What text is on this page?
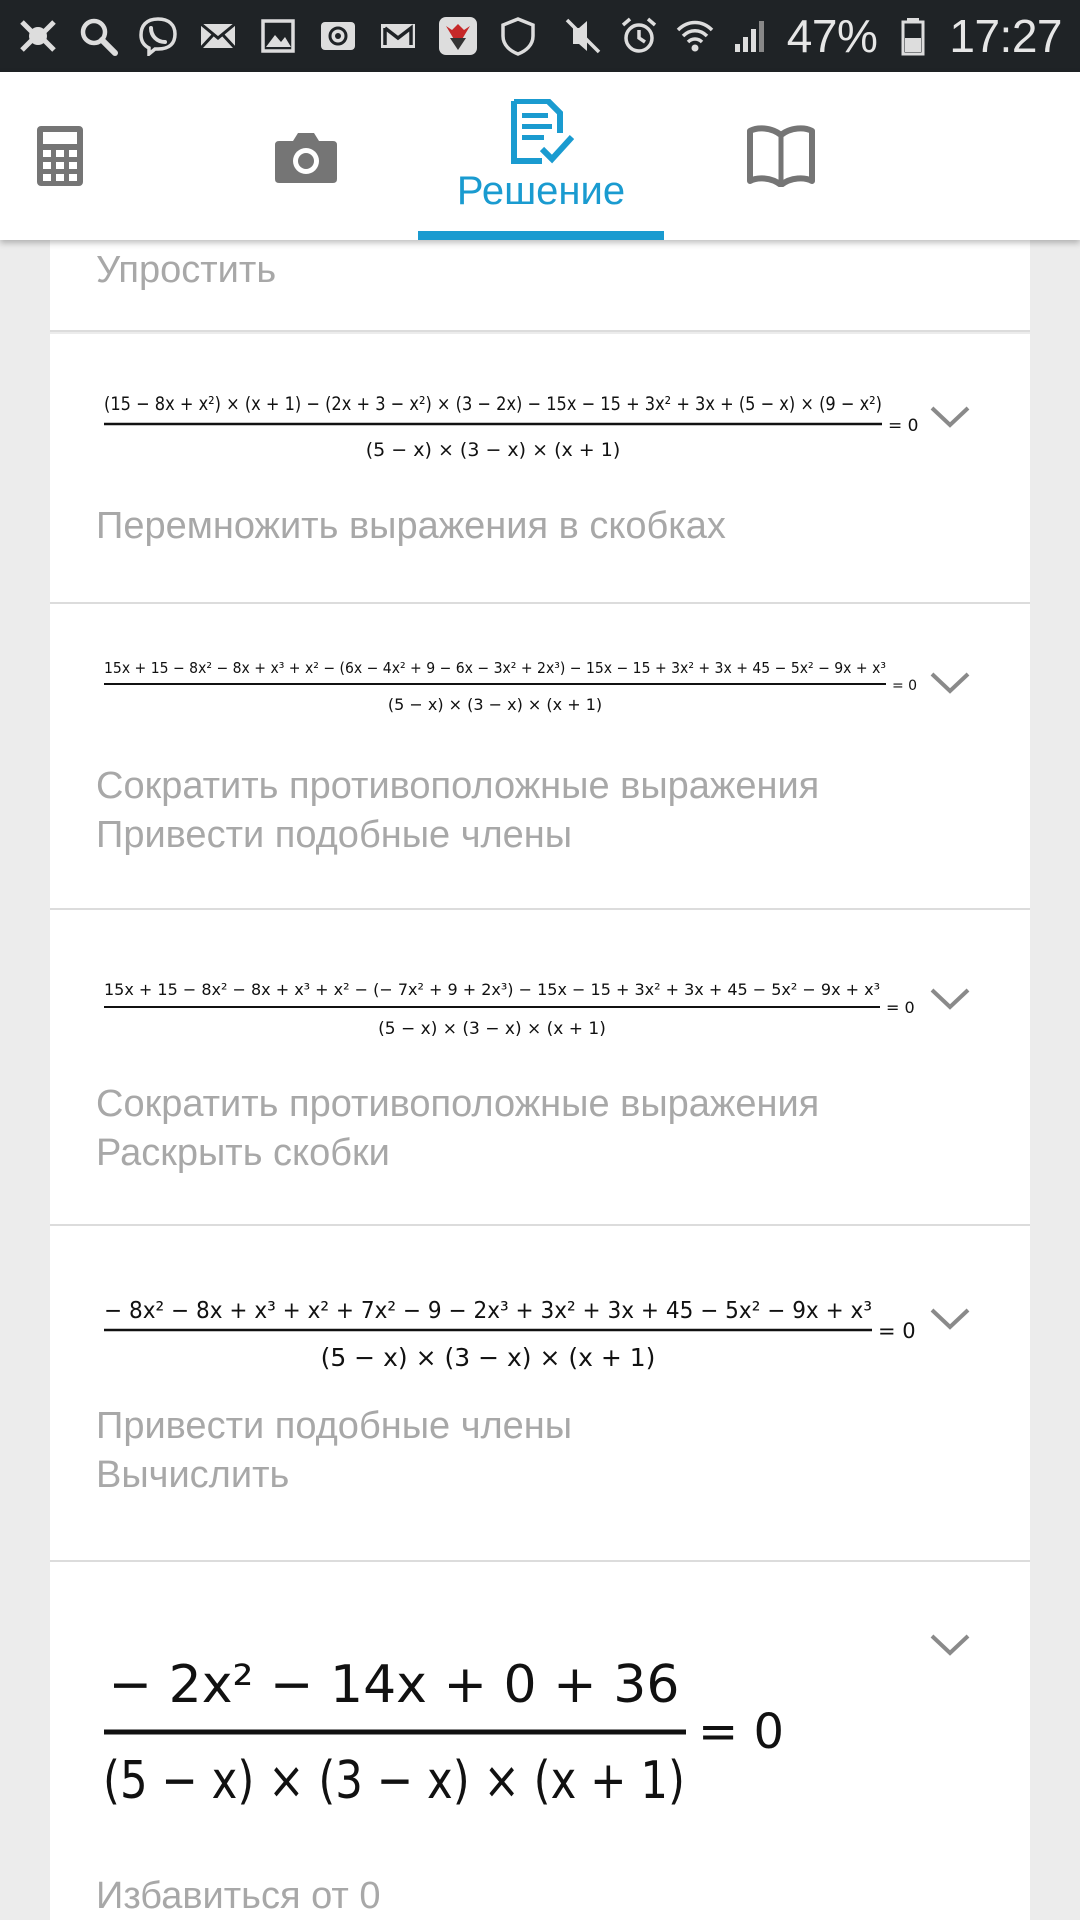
47% 17:27
Решение
Упростить
(15 − 8x + x²) × (x + 1) − (2x + 3 − x²) × (3 − 2x) − 15x − 15 + 3x² + 3x + (5 − x) × (9 − x²)
(5 − x) × (3 − x) × (x + 1)
= 0
Перемножить выражения в скобках
15x + 15 − 8x² − 8x + x³ + x² − (6x − 4x² + 9 − 6x − 3x² + 2x³) − 15x − 15 + 3x² + 3x + 45 − 5x² − 9x + x³
(5 − x) × (3 − x) × (x + 1)
= 0
Сократить противоположные выражения
Привести подобные члены
15x + 15 − 8x² − 8x + x³ + x² − (− 7x² + 9 + 2x³) − 15x − 15 + 3x² + 3x + 45 − 5x² − 9x + x³
(5 − x) × (3 − x) × (x + 1)
= 0
Сократить противоположные выражения
Раскрыть скобки
− 8x² − 8x + x³ + x² + 7x² − 9 − 2x³ + 3x² + 3x + 45 − 5x² − 9x + x³
(5 − x) × (3 − x) × (x + 1)
= 0
Привести подобные члены
Вычислить
− 2x² − 14x + 0 + 36
(5 − x) × (3 − x) × (x + 1)
= 0
Избавиться от 0
